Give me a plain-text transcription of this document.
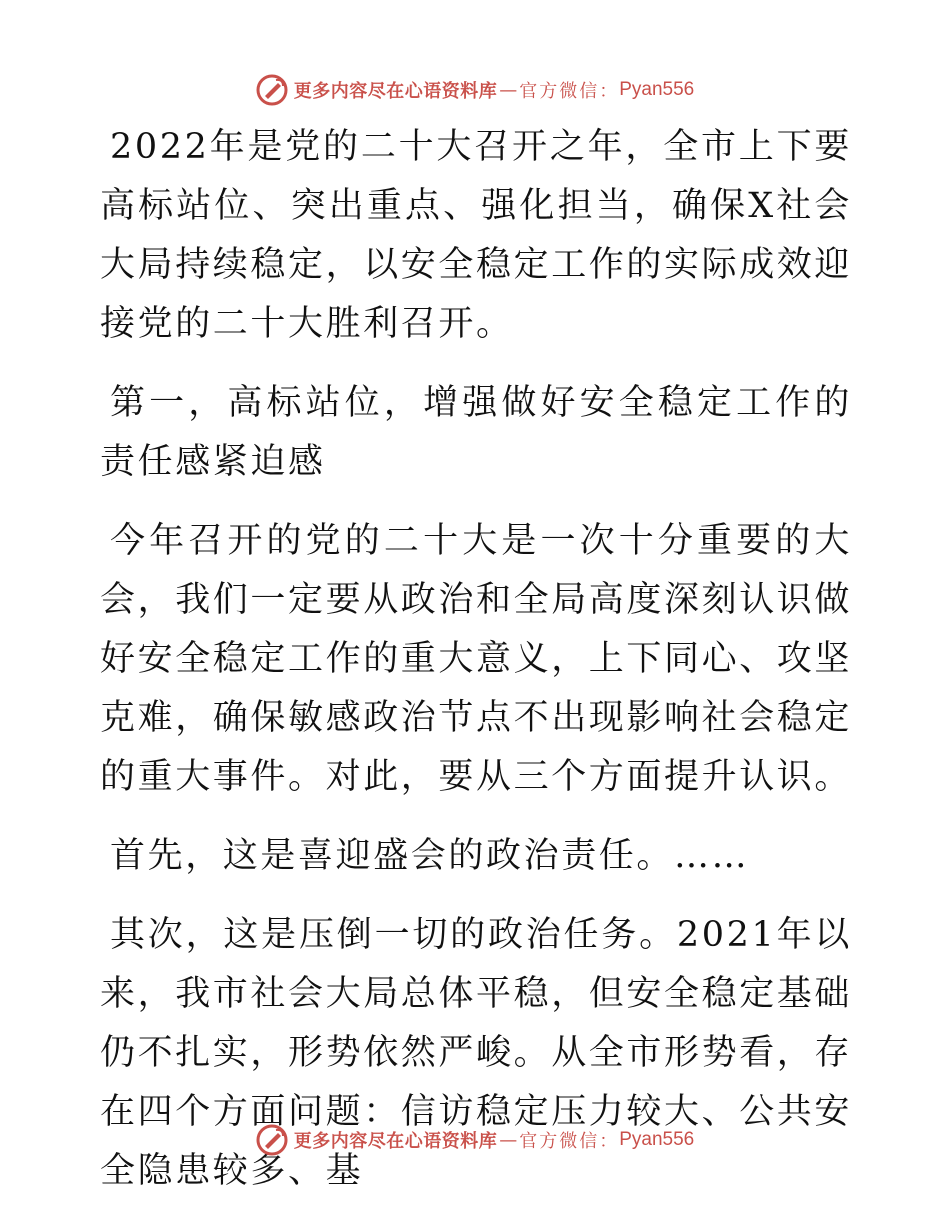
更多内容尽在心语资料库 — 官方微信： Pyan556

2022年是党的二十大召开之年，全市上下要高标站位、突出重点、强化担当，确保X社会大局持续稳定，以安全稳定工作的实际成效迎接党的二十大胜利召开。

第一，高标站位，增强做好安全稳定工作的责任感紧迫感

今年召开的党的二十大是一次十分重要的大会，我们一定要从政治和全局高度深刻认识做好安全稳定工作的重大意义，上下同心、攻坚克难，确保敏感政治节点不出现影响社会稳定的重大事件。对此，要从三个方面提升认识。

首先，这是喜迎盛会的政治责任。……

其次，这是压倒一切的政治任务。2021年以来，我市社会大局总体平稳，但安全稳定基础仍不扎实，形势依然严峻。从全市形势看，存在四个方面问题：信访稳定压力较大、公共安全隐患较多、基

更多内容尽在心语资料库 — 官方微信： Pyan556
